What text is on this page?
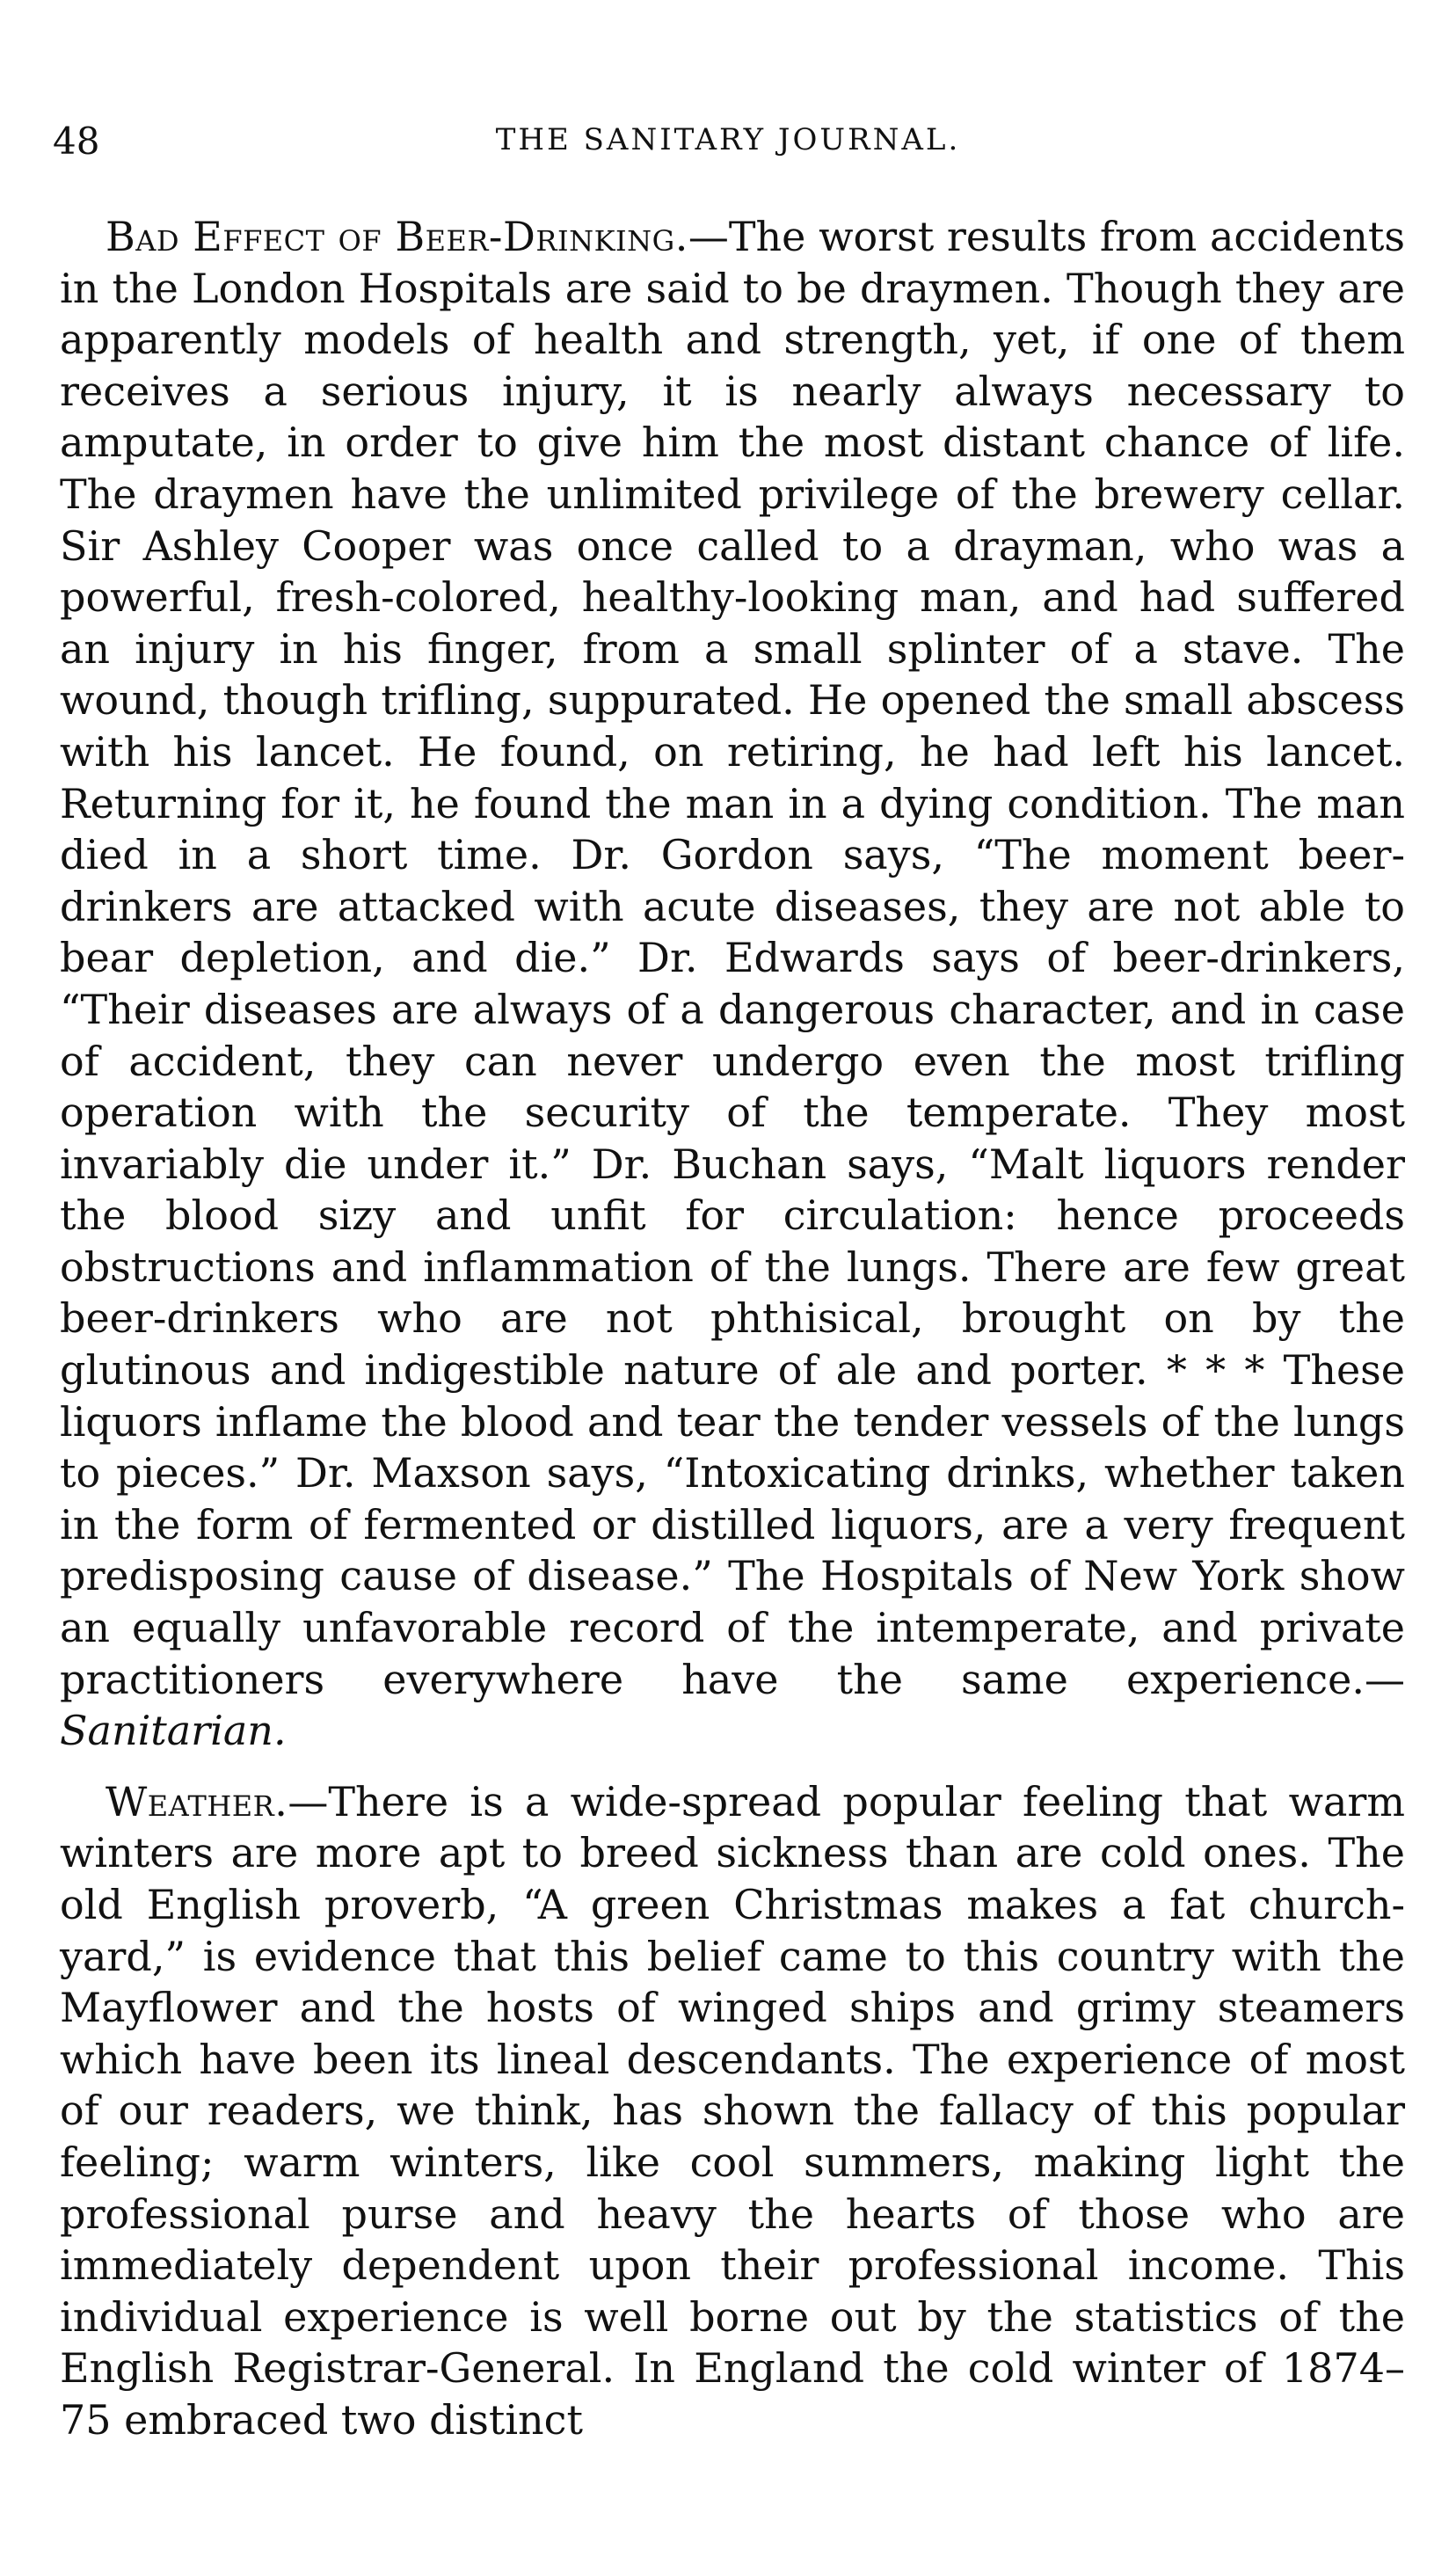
48	THE SANITARY JOURNAL.

Bad Effect of Beer-Drinking.—The worst results from accidents in the London Hospitals are said to be draymen. Though they are apparently models of health and strength, yet, if one of them receives a serious injury, it is nearly always necessary to amputate, in order to give him the most distant chance of life. The draymen have the unlimited privilege of the brewery cellar. Sir Ashley Cooper was once called to a drayman, who was a powerful, fresh-colored, healthy-looking man, and had suffered an injury in his finger, from a small splinter of a stave. The wound, though trifling, suppurated. He opened the small abscess with his lancet. He found, on retiring, he had left his lancet. Returning for it, he found the man in a dying condition. The man died in a short time. Dr. Gordon says, “The moment beer-drinkers are attacked with acute diseases, they are not able to bear depletion, and die.” Dr. Edwards says of beer-drinkers, “Their diseases are always of a dangerous character, and in case of accident, they can never undergo even the most trifling operation with the security of the temperate. They most invariably die under it.” Dr. Buchan says, “Malt liquors render the blood sizy and unfit for circulation: hence proceeds obstructions and inflammation of the lungs. There are few great beer-drinkers who are not phthisical, brought on by the glutinous and indigestible nature of ale and porter. * * * These liquors inflame the blood and tear the tender vessels of the lungs to pieces.” Dr. Maxson says, “Intoxicating drinks, whether taken in the form of fermented or distilled liquors, are a very frequent predisposing cause of disease.” The Hospitals of New York show an equally unfavorable record of the intemperate, and private practitioners everywhere have the same experience.—Sanitarian.

Weather.—There is a wide-spread popular feeling that warm winters are more apt to breed sickness than are cold ones. The old English proverb, “A green Christmas makes a fat church-yard,” is evidence that this belief came to this country with the Mayflower and the hosts of winged ships and grimy steamers which have been its lineal descendants. The experience of most of our readers, we think, has shown the fallacy of this popular feeling; warm winters, like cool summers, making light the professional purse and heavy the hearts of those who are immediately dependent upon their professional income. This individual experience is well borne out by the statistics of the English Registrar-General. In England the cold winter of 1874–75 embraced two distinct
